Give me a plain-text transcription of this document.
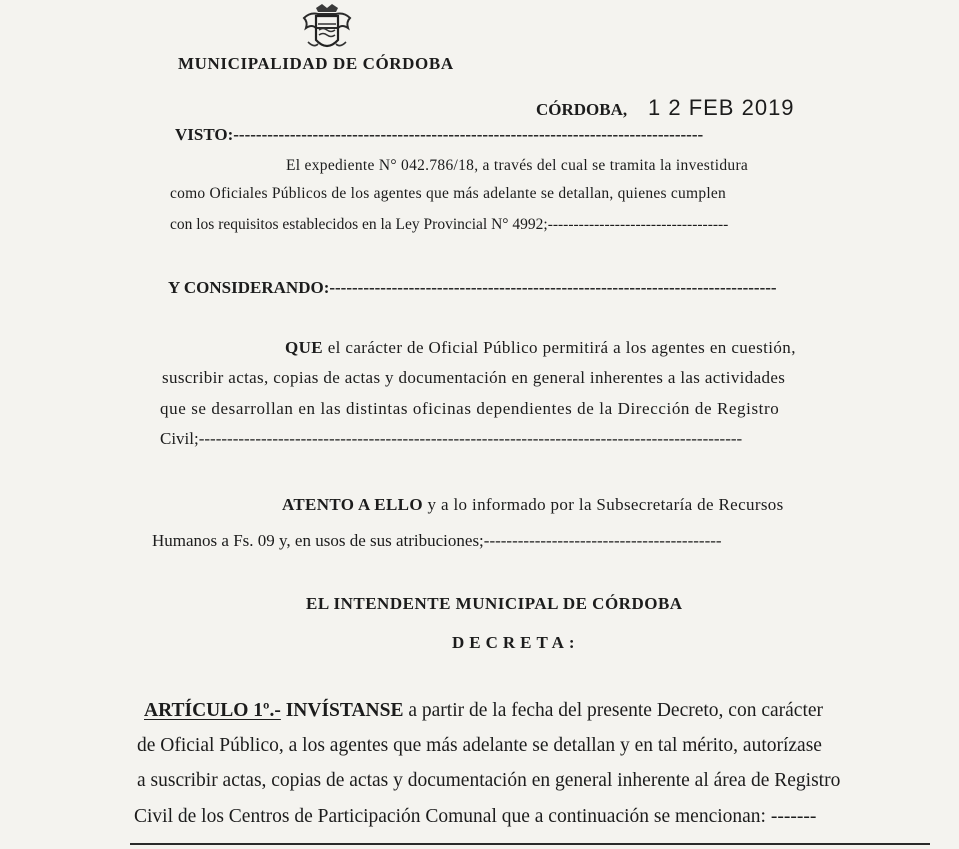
MUNICIPALIDAD DE CÓRDOBA
CÓRDOBA, 1 2 FEB 2019
VISTO:-----------------------------------------------------------------------------------
El expediente N° 042.786/18, a través del cual se tramita la investidura
como Oficiales Públicos de los agentes que más adelante se detallan, quienes cumplen
con los requisitos establecidos en la Ley Provincial N° 4992;-----------------------------------
Y CONSIDERANDO:-------------------------------------------------------------------------------
QUE el carácter de Oficial Público permitirá a los agentes en cuestión,
suscribir actas, copias de actas y documentación en general inherentes a las actividades
que se desarrollan en las distintas oficinas dependientes de la Dirección de Registro
Civil;------------------------------------------------------------------------------------------------
ATENTO A ELLO y a lo informado por la Subsecretaría de Recursos
Humanos a Fs. 09 y, en usos de sus atribuciones;------------------------------------------
EL INTENDENTE MUNICIPAL DE CÓRDOBA
DECRETA:
ARTÍCULO 1º.- INVÍSTANSE a partir de la fecha del presente Decreto, con carácter
de Oficial Público, a los agentes que más adelante se detallan y en tal mérito, autorízase
a suscribir actas, copias de actas y documentación en general inherente al área de Registro
Civil de los Centros de Participación Comunal que a continuación se mencionan: -------
